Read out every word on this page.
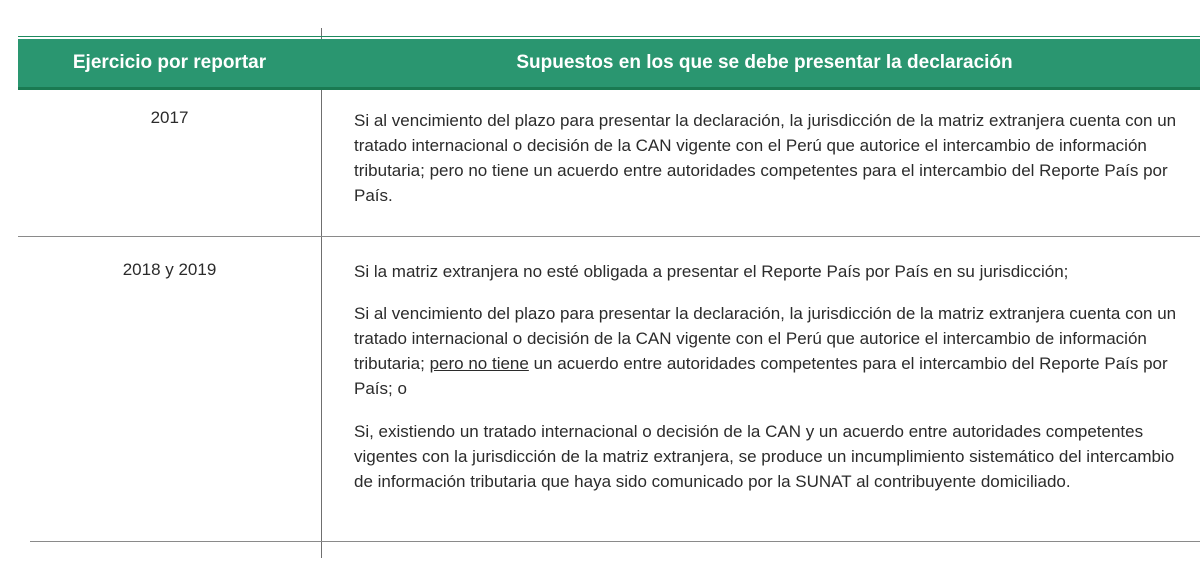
Ejercicio por reportar	Supuestos en los que se debe presentar la declaración
2017	Si al vencimiento del plazo para presentar la declaración, la jurisdicción de la matriz extranjera cuenta con un tratado internacional o decisión de la CAN vigente con el Perú que autorice el intercambio de información tributaria; pero no tiene un acuerdo entre autoridades competentes para el intercambio del Reporte País por País.
2018 y 2019	Si la matriz extranjera no esté obligada a presentar el Reporte País por País en su jurisdicción;
Si al vencimiento del plazo para presentar la declaración, la jurisdicción de la matriz extranjera cuenta con un tratado internacional o decisión de la CAN vigente con el Perú que autorice el intercambio de información tributaria; pero no tiene un acuerdo entre autoridades competentes para el intercambio del Reporte País por País; o
Si, existiendo un tratado internacional o decisión de la CAN y un acuerdo entre autoridades competentes vigentes con la jurisdicción de la matriz extranjera, se produce un incumplimiento sistemático del intercambio de información tributaria que haya sido comunicado por la SUNAT al contribuyente domiciliado.
